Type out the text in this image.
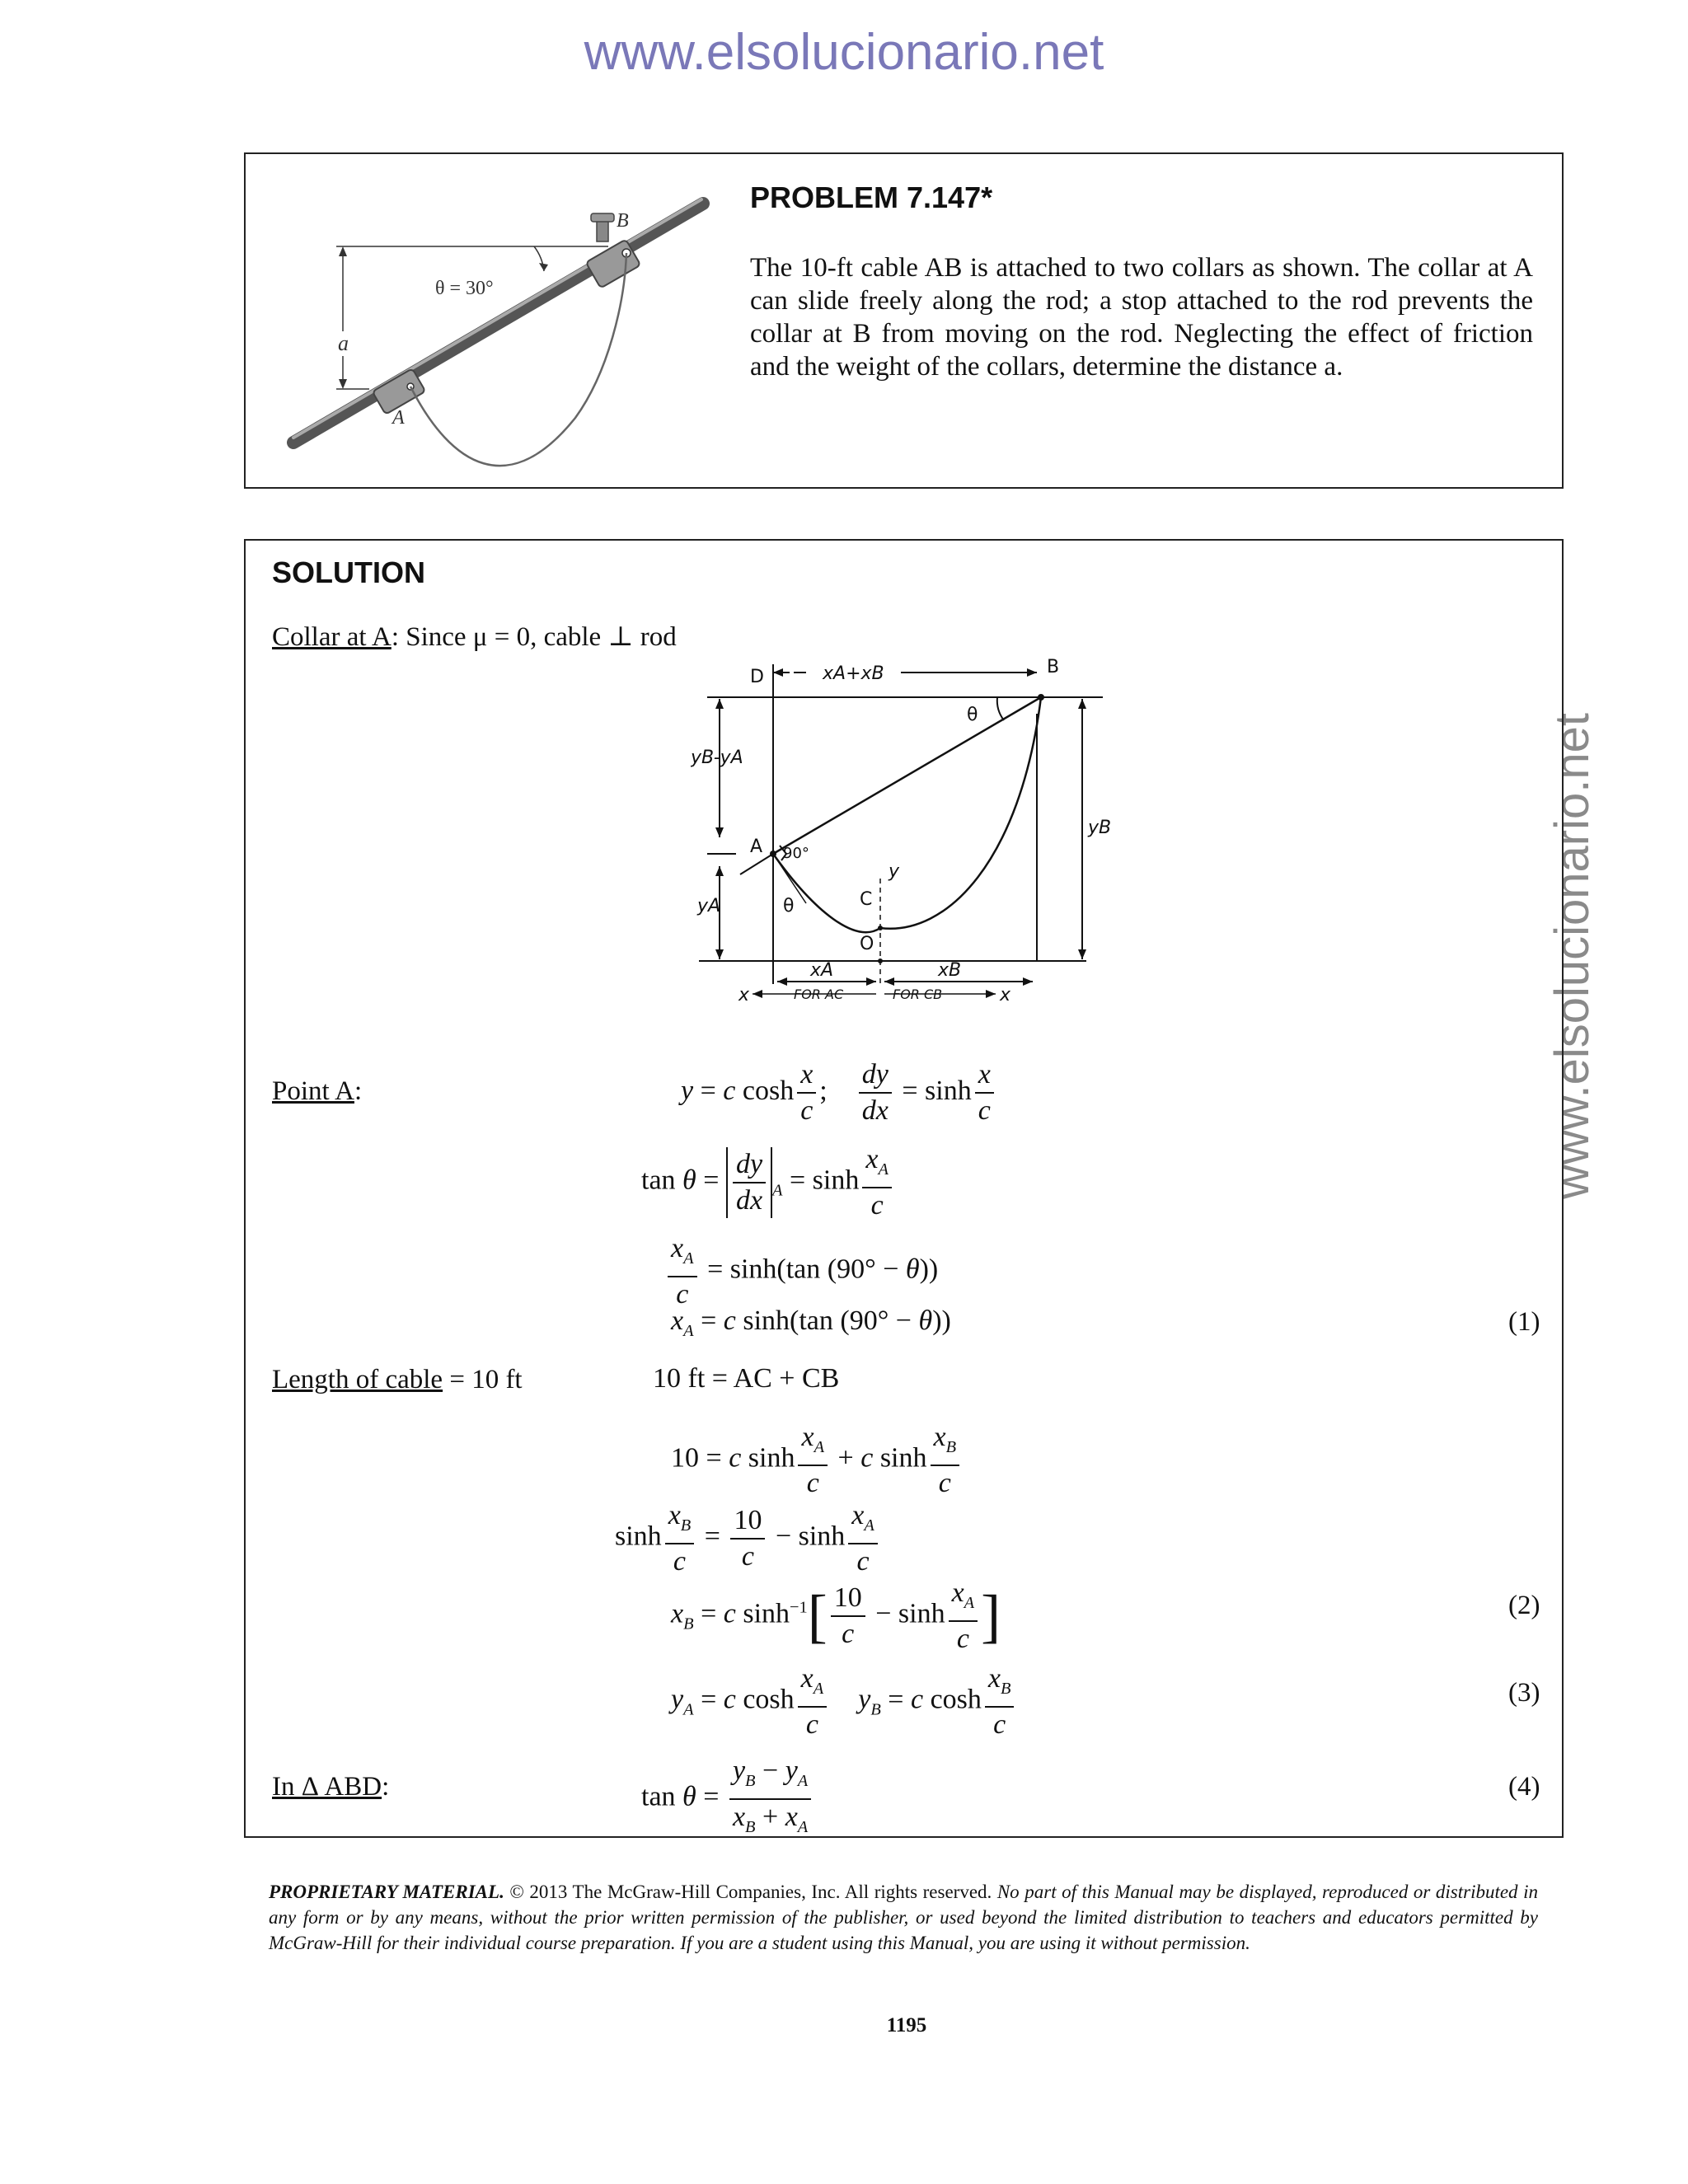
www.elsolucionario.net
www.elsolucionario.net
a
θ = 30°
A
B
PROBLEM 7.147*
The 10-ft cable AB is attached to two collars as shown. The collar at A can slide freely along the rod; a stop attached to the rod prevents the collar at B from moving on the rod. Neglecting the effect of friction and the weight of the collars, determine the distance a.
SOLUTION
Collar at A: Since μ = 0, cable ⊥ rod
xA+xB
D	B
yB-yA
yA
θ
yB
A 90°
θ
y
C
O
xA	xB
x	x
FOR AC	FOR CB
Point A:	y = c $\cosh \frac{x}{c}$ ; $\frac{dy}{dx} = \sinh \frac{x}{c}$
$\tan \theta = \frac{dy}{dx} _A = \sinh \frac{x_A}{c}$
$\frac{x_A}{c} = \sinh(\tan$ (90° − θ))
$x_A = c$ sinh(tan (90° − θ))	(1)
Length of cable = 10 ft	10 ft = AC + CB
10 = c $\sinh \frac{x_A}{c} + c$ $\sinh \frac{x_B}{c}$
$\sinh \frac{x_B}{c} = \frac{10}{c} - \sinh \frac{x_A}{c}$
$x_B = c$ $\sinh^{-1}[ \frac{10}{c} - \sinh \frac{x_A}{c}$ ]	(2)
$y_A = c$ $\cosh \frac{x_A}{c} y_B = c$ $\cosh \frac{x_B}{c}$	(3)
In Δ ABD:	$\tan \theta = \frac{y_B - y_A}{x_B + x_A}$	(4)
PROPRIETARY MATERIAL. © 2013 The McGraw-Hill Companies, Inc. All rights reserved. No part of this Manual may be displayed, reproduced or distributed in any form or by any means, without the prior written permission of the publisher, or used beyond the limited distribution to teachers and educators permitted by McGraw-Hill for their individual course preparation. If you are a student using this Manual, you are using it without permission.
1195
